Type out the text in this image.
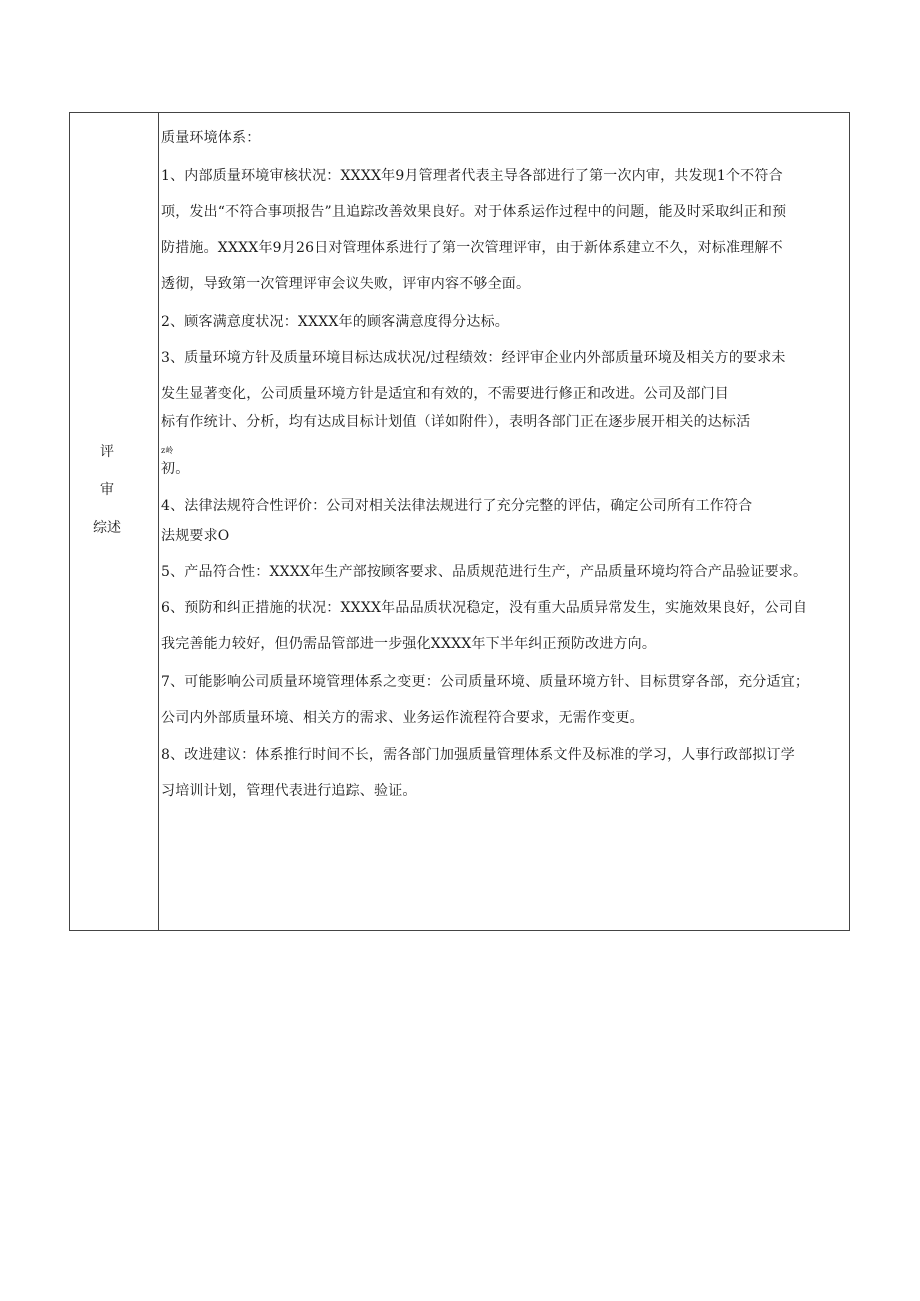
评
审
综述
质量环境体系：
1、内部质量环境审核状况：XXXX年9月管理者代表主导各部进行了第一次内审，共发现1个不符合
项，发出“不符合事项报告”且追踪改善效果良好。对于体系运作过程中的问题，能及时采取纠正和预
防措施。XXXX年9月26日对管理体系进行了第一次管理评审，由于新体系建立不久，对标准理解不
透彻，导致第一次管理评审会议失败，评审内容不够全面。
2、顾客满意度状况：XXXX年的顾客满意度得分达标。
3、质量环境方针及质量环境目标达成状况/过程绩效：经评审企业内外部质量环境及相关方的要求未
发生显著变化，公司质量环境方针是适宜和有效的，不需要进行修正和改进。公司及部门目
标有作统计、分析，均有达成目标计划值（详如附件），表明各部门正在逐步展开相关的达标活
z岭
初。
4、法律法规符合性评价：公司对相关法律法规进行了充分完整的评估，确定公司所有工作符合
法规要求O
5、产品符合性：XXXX年生产部按顾客要求、品质规范进行生产，产品质量环境均符合产品验证要求。
6、预防和纠正措施的状况：XXXX年品品质状况稳定，没有重大品质异常发生，实施效果良好，公司自
我完善能力较好，但仍需品管部进一步强化XXXX年下半年纠正预防改进方向。
7、可能影响公司质量环境管理体系之变更：公司质量环境、质量环境方针、目标贯穿各部，充分适宜；
公司内外部质量环境、相关方的需求、业务运作流程符合要求，无需作变更。
8、改进建议：体系推行时间不长，需各部门加强质量管理体系文件及标准的学习，人事行政部拟订学
习培训计划，管理代表进行追踪、验证。
